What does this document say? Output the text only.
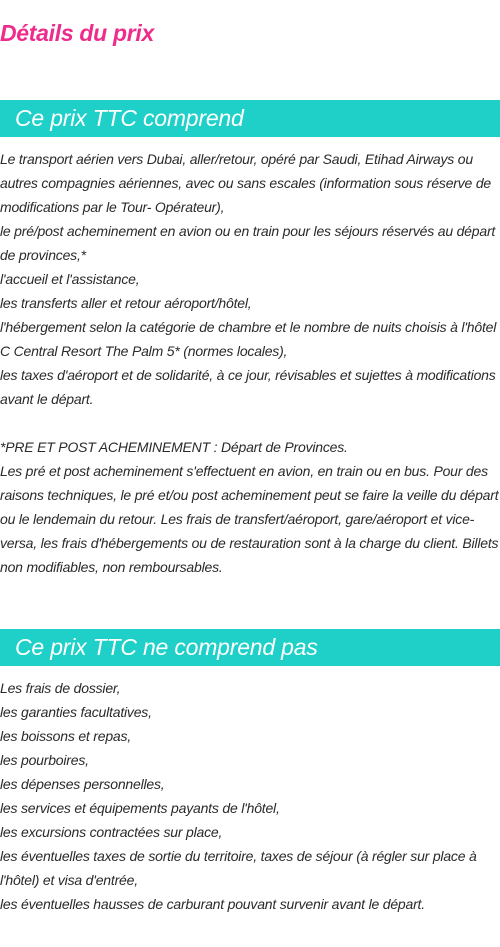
Détails du prix
Ce prix TTC comprend
Le transport aérien vers Dubai, aller/retour, opéré par Saudi, Etihad Airways ou autres compagnies aériennes, avec ou sans escales (information sous réserve de modifications par le Tour- Opérateur),
le pré/post acheminement en avion ou en train pour les séjours réservés au départ de provinces,*
l'accueil et l'assistance,
les transferts aller et retour aéroport/hôtel,
l'hébergement selon la catégorie de chambre et le nombre de nuits choisis à l'hôtel C Central Resort The Palm 5* (normes locales),
les taxes d'aéroport et de solidarité, à ce jour, révisables et sujettes à modifications avant le départ.
*PRE ET POST ACHEMINEMENT : Départ de Provinces.
Les pré et post acheminement s'effectuent en avion, en train ou en bus. Pour des raisons techniques, le pré et/ou post acheminement peut se faire la veille du départ ou le lendemain du retour. Les frais de transfert/aéroport, gare/aéroport et vice-versa, les frais d'hébergements ou de restauration sont à la charge du client. Billets non modifiables, non remboursables.
Ce prix TTC ne comprend pas
Les frais de dossier,
les garanties facultatives,
les boissons et repas,
les pourboires,
les dépenses personnelles,
les services et équipements payants de l'hôtel,
les excursions contractées sur place,
les éventuelles taxes de sortie du territoire, taxes de séjour (à régler sur place à l'hôtel) et visa d'entrée,
les éventuelles hausses de carburant pouvant survenir avant le départ.
